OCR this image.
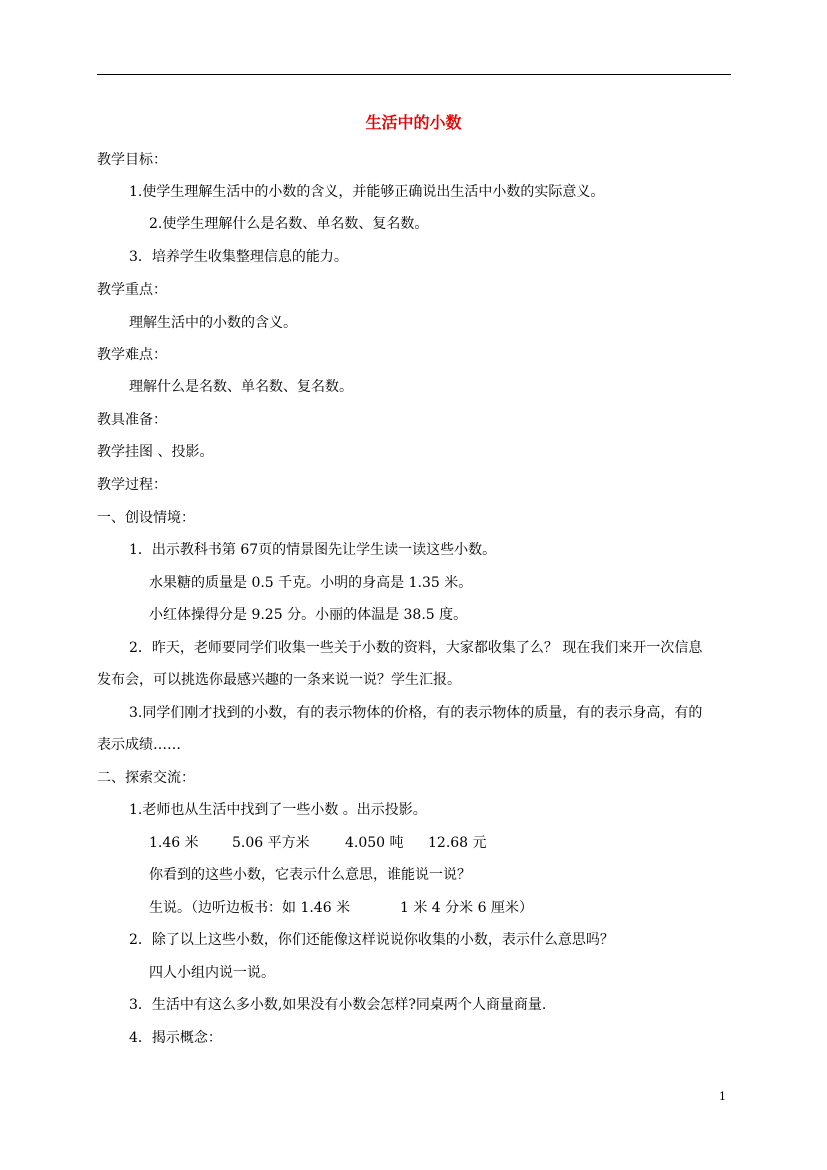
生活中的小数
教学目标：
1.使学生理解生活中的小数的含义，并能够正确说出生活中小数的实际意义。
2.使学生理解什么是名数、单名数、复名数。
3．培养学生收集整理信息的能力。
教学重点：
理解生活中的小数的含义。
教学难点：
理解什么是名数、单名数、复名数。
教具准备：
教学挂图 、投影。
教学过程：
一、创设情境：
1．出示教科书第 67页的情景图先让学生读一读这些小数。
水果糖的质量是 0.5 千克。小明的身高是 1.35 米。
小红体操得分是 9.25 分。小丽的体温是 38.5 度。
2．昨天，老师要同学们收集一些关于小数的资料，大家都收集了么？ 现在我们来开一次信息
发布会，可以挑选你最感兴趣的一条来说一说？学生汇报。
3.同学们刚才找到的小数，有的表示物体的价格，有的表示物体的质量，有的表示身高，有的
表示成绩……
二、探索交流：
1.老师也从生活中找到了一些小数 。出示投影。
1.46 米 5.06 平方米	4.050 吨 12.68 元
你看到的这些小数，它表示什么意思，谁能说一说？
生说。（边听边板书：如 1.46 米	1 米 4 分米 6 厘米）
2．除了以上这些小数，你们还能像这样说说你收集的小数，表示什么意思吗？
四人小组内说一说。
3．生活中有这么多小数,如果没有小数会怎样?同桌两个人商量商量.
4．揭示概念：
1
